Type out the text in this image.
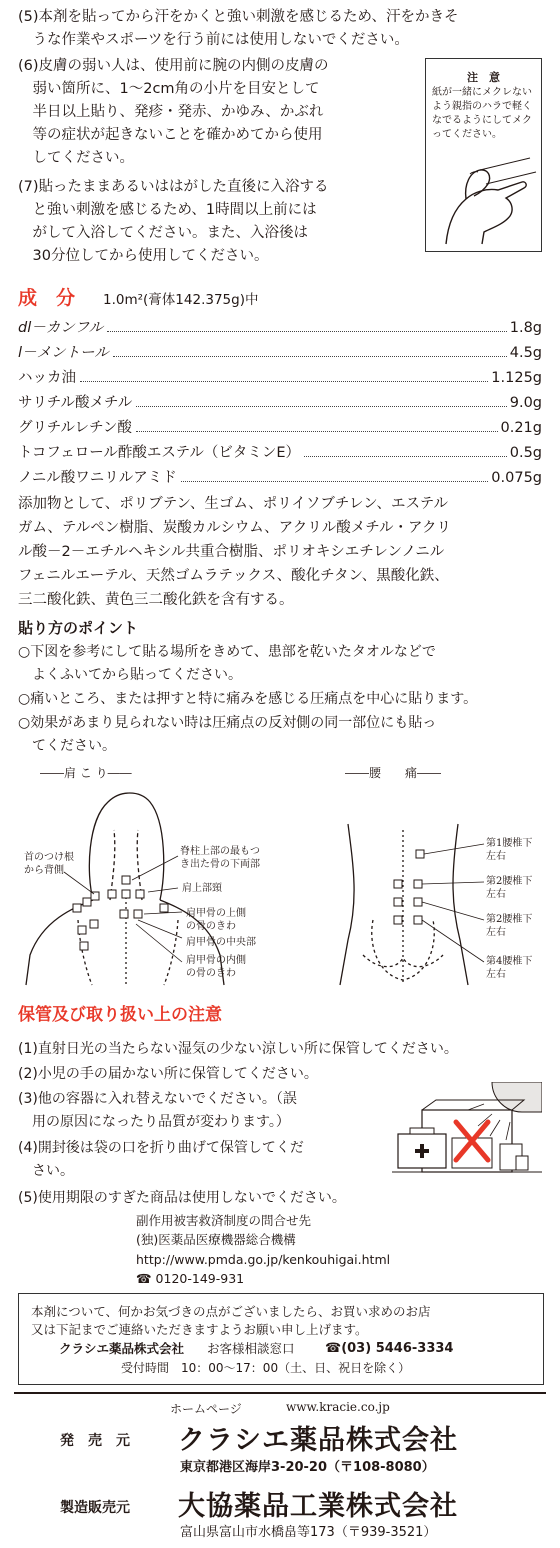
(5)本剤を貼ってから汗をかくと強い刺激を感じるため、汗をかきそ
　うな作業やスポーツを行う前には使用しないでください。
(6)皮膚の弱い人は、使用前に腕の内側の皮膚の
　弱い箇所に、1～2cm角の小片を目安として
　半日以上貼り、発疹・発赤、かゆみ、かぶれ
　等の症状が起きないことを確かめてから使用
　してください。
(7)貼ったままあるいははがした直後に入浴する
　と強い刺激を感じるため、1時間以上前には
　がして入浴してください。また、入浴後は
　30分位してから使用してください。
注　意
紙が一緒にメクレない
よう親指のハラで軽く
なでるようにしてメク
ってください。
成　分 1.0m²(膏体142.375g)中
dl－カンフル	1.8g
l－メントール	4.5g
ハッカ油	1.125g
サリチル酸メチル	9.0g
グリチルレチン酸	0.21g
トコフェロール酢酸エステル（ビタミンE）	0.5g
ノニル酸ワニリルアミド	0.075g
添加物として、ポリブテン、生ゴム、ポリイソブチレン、エステル
ガム、テルペン樹脂、炭酸カルシウム、アクリル酸メチル・アクリ
ル酸－2－エチルヘキシル共重合樹脂、ポリオキシエチレンノニル
フェニルエーテル、天然ゴムラテックス、酸化チタン、黒酸化鉄、
三二酸化鉄、黄色三二酸化鉄を含有する。
貼り方のポイント
○下図を参考にして貼る場所をきめて、患部を乾いたタオルなどで
　よくふいてから貼ってください。
○痛いところ、または押すと特に痛みを感じる圧痛点を中心に貼ります。
○効果があまり見られない時は圧痛点の反対側の同一部位にも貼っ
　てください。
――肩 こ り――	――腰　　痛――
首のつけ根
から背側
脊柱上部の最もつ
き出た骨の下両部
肩上部頸
肩甲骨の上側
の骨のきわ
肩甲骨の中央部
肩甲骨の内側
の骨のきわ
第1腰椎下
左右
第2腰椎下
左右
第2腰椎下
左右
第4腰椎下
左右
保管及び取り扱い上の注意
(1)直射日光の当たらない湿気の少ない涼しい所に保管してください。
(2)小児の手の届かない所に保管してください。
(3)他の容器に入れ替えないでください。（誤
　用の原因になったり品質が変わります。）
(4)開封後は袋の口を折り曲げて保管してくだ
　さい。
(5)使用期限のすぎた商品は使用しないでください。
副作用被害救済制度の問合せ先
(独)医薬品医療機器総合機構
http://www.pmda.go.jp/kenkouhigai.html
☎ 0120-149-931
本剤について、何かお気づきの点がございましたら、お買い求めのお店
又は下記までご連絡いただきますようお願い申し上げます。
クラシエ薬品株式会社 お客様相談窓口 ☎(03) 5446-3334
受付時間　10：00～17：00（土、日、祝日を除く）
ホームページ	www.kracie.co.jp
発　売　元 クラシエ薬品株式会社
東京都港区海岸3-20-20（〒108-8080）
製造販売元 大協薬品工業株式会社
富山県富山市水橋畠等173（〒939-3521）
